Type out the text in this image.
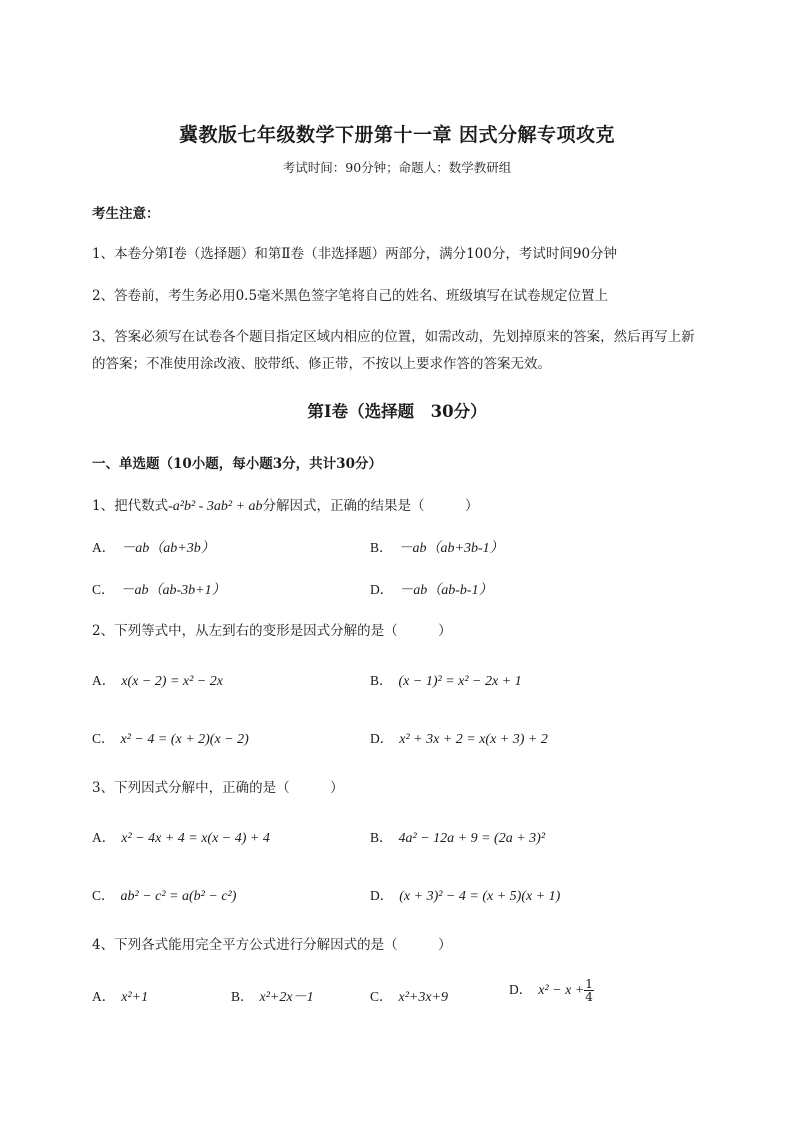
冀教版七年级数学下册第十一章 因式分解专项攻克
考试时间：90分钟；命题人：数学教研组
考生注意：
1、本卷分第Ⅰ卷（选择题）和第Ⅱ卷（非选择题）两部分，满分100分，考试时间90分钟
2、答卷前，考生务必用0.5毫米黑色签字笔将自己的姓名、班级填写在试卷规定位置上
3、答案必须写在试卷各个题目指定区域内相应的位置，如需改动，先划掉原来的答案，然后再写上新
的答案；不准使用涂改液、胶带纸、修正带，不按以上要求作答的答案无效。
第Ⅰ卷（选择题　30分）
一、单选题（10小题，每小题3分，共计30分）
1、把代数式-a²b² - 3ab² + ab分解因式，正确的结果是（　　　）
A． －ab（ab+3b）	B． －ab（ab+3b-1）
C． －ab（ab-3b+1）	D． －ab（ab-b-1）
2、下列等式中，从左到右的变形是因式分解的是（　　　）
A． x(x − 2) = x² − 2x	B． (x − 1)² = x² − 2x + 1
C． x² − 4 = (x + 2)(x − 2)	D． x² + 3x + 2 = x(x + 3) + 2
3、下列因式分解中，正确的是（　　　）
A． x² − 4x + 4 = x(x − 4) + 4	B． 4a² − 12a + 9 = (2a + 3)²
C． ab² − c² = a(b² − c²)	D． (x + 3)² − 4 = (x + 5)(x + 1)
4、下列各式能用完全平方公式进行分解因式的是（　　　）
A． x²+1	B． x²+2x－1	C． x²+3x+9
D． $x^2 - x + \frac{1}{4}$
